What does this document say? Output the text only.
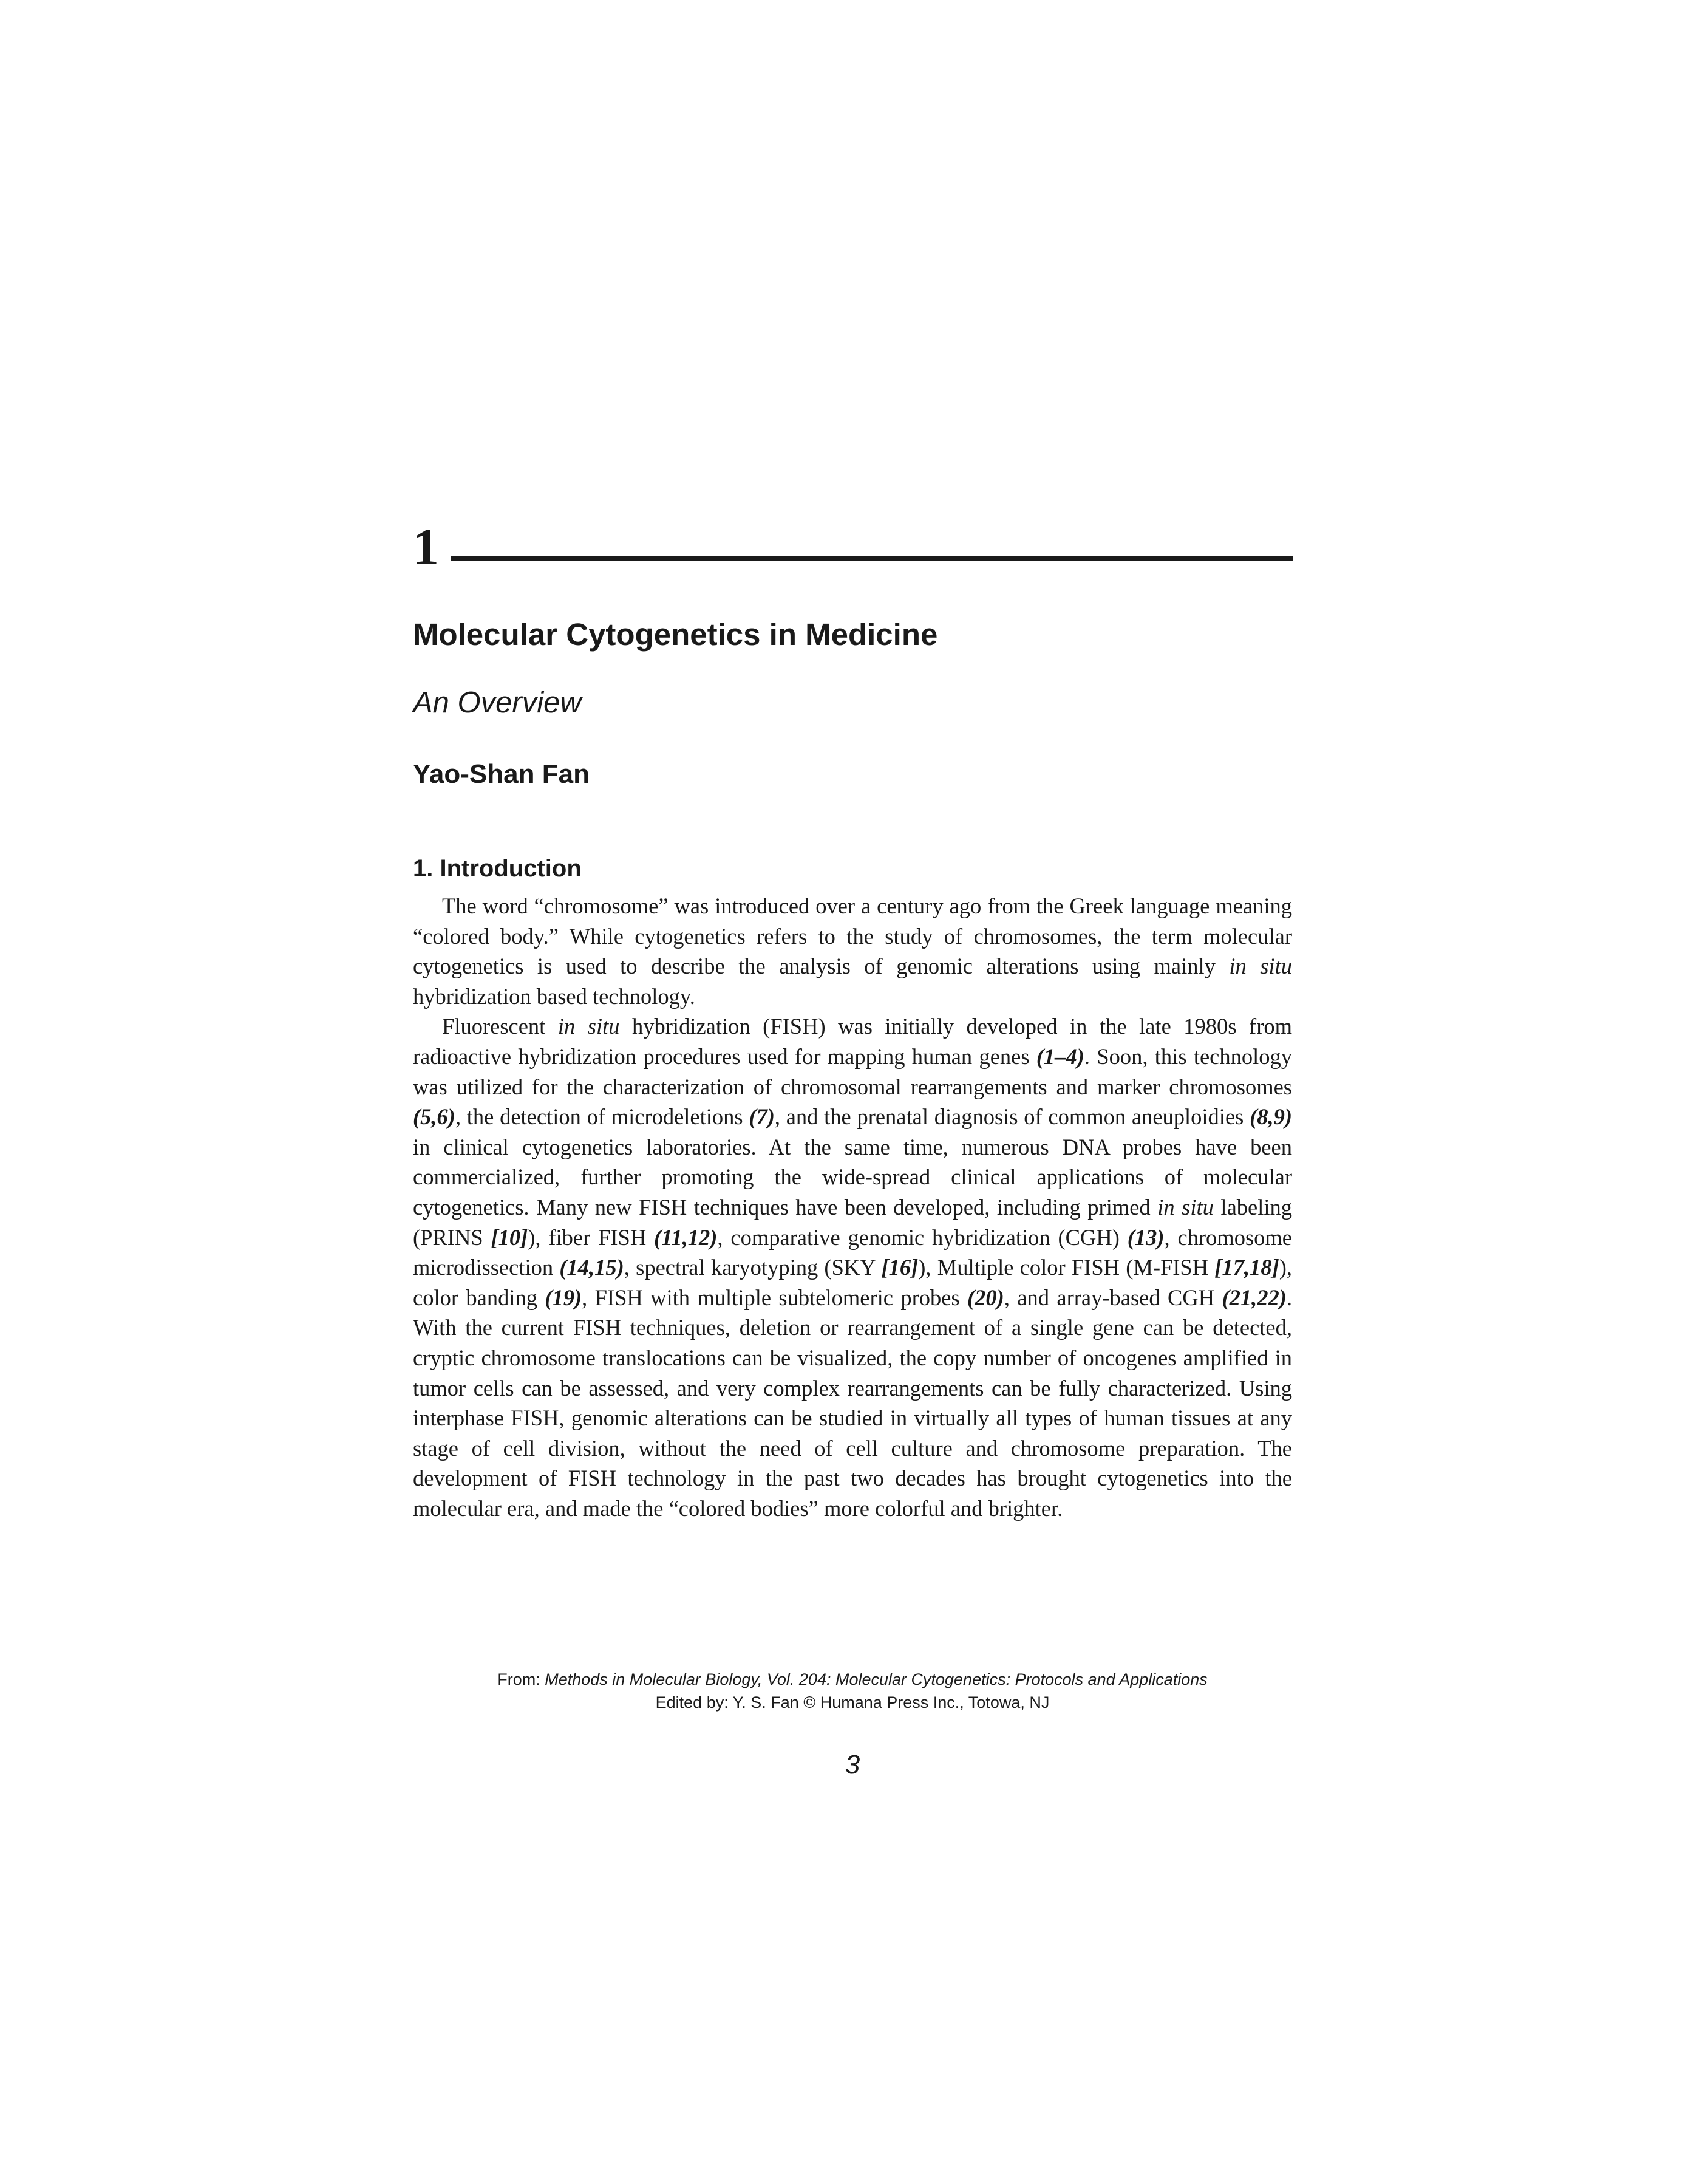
1
Molecular Cytogenetics in Medicine
An Overview
Yao-Shan Fan
1. Introduction

The word “chromosome” was introduced over a century ago from the Greek language meaning “colored body.” While cytogenetics refers to the study of chromosomes, the term molecular cytogenetics is used to describe the analysis of genomic alterations using mainly in situ hybridization based technology.

Fluorescent in situ hybridization (FISH) was initially developed in the late 1980s from radioactive hybridization procedures used for mapping human genes (1–4). Soon, this technology was utilized for the characterization of chromosomal rearrangements and marker chromosomes (5,6), the detection of microdeletions (7), and the prenatal diagnosis of common aneuploidies (8,9) in clinical cytogenetics laboratories. At the same time, numerous DNA probes have been commercialized, further promoting the wide-spread clinical applications of molecular cytogenetics. Many new FISH techniques have been developed, including primed in situ labeling (PRINS [10]), fiber FISH (11,12), comparative genomic hybridization (CGH) (13), chromosome microdissection (14,15), spectral karyotyping (SKY [16]), Multiple color FISH (M-FISH [17,18]), color banding (19), FISH with multiple subtelomeric probes (20), and array-based CGH (21,22). With the current FISH techniques, deletion or rearrangement of a single gene can be detected, cryptic chromosome translocations can be visualized, the copy number of oncogenes amplified in tumor cells can be assessed, and very complex rearrangements can be fully characterized. Using interphase FISH, genomic alterations can be studied in virtually all types of human tissues at any stage of cell division, without the need of cell culture and chromosome preparation. The development of FISH technology in the past two decades has brought cytogenetics into the molecular era, and made the “colored bodies” more colorful and brighter.

From: Methods in Molecular Biology, Vol. 204: Molecular Cytogenetics: Protocols and Applications
Edited by: Y. S. Fan © Humana Press Inc., Totowa, NJ
3
